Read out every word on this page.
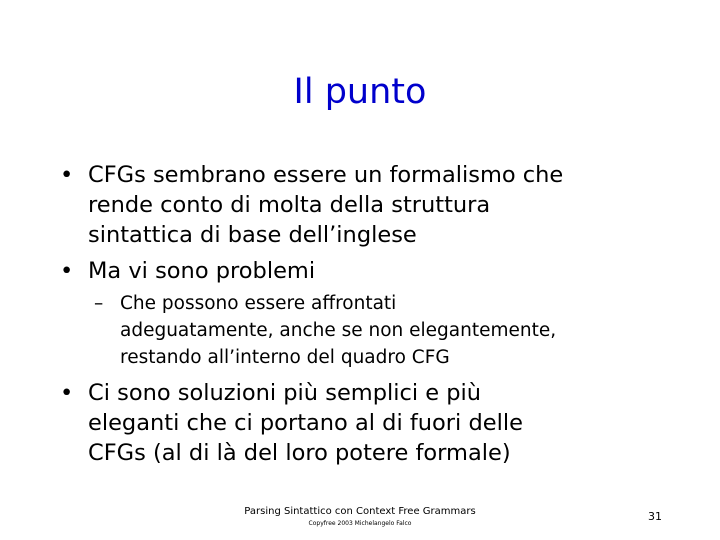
Il punto
• CFGs sembrano essere un formalismo che
rende conto di molta della struttura
sintattica di base dell’inglese
• Ma vi sono problemi
– Che possono essere affrontati
adeguatamente, anche se non elegantemente,
restando all’interno del quadro CFG
• Ci sono soluzioni più semplici e più
eleganti che ci portano al di fuori delle
CFGs (al di là del loro potere formale)
Parsing Sintattico con Context Free Grammars
Copyfree 2003 Michelangelo Falco
31
